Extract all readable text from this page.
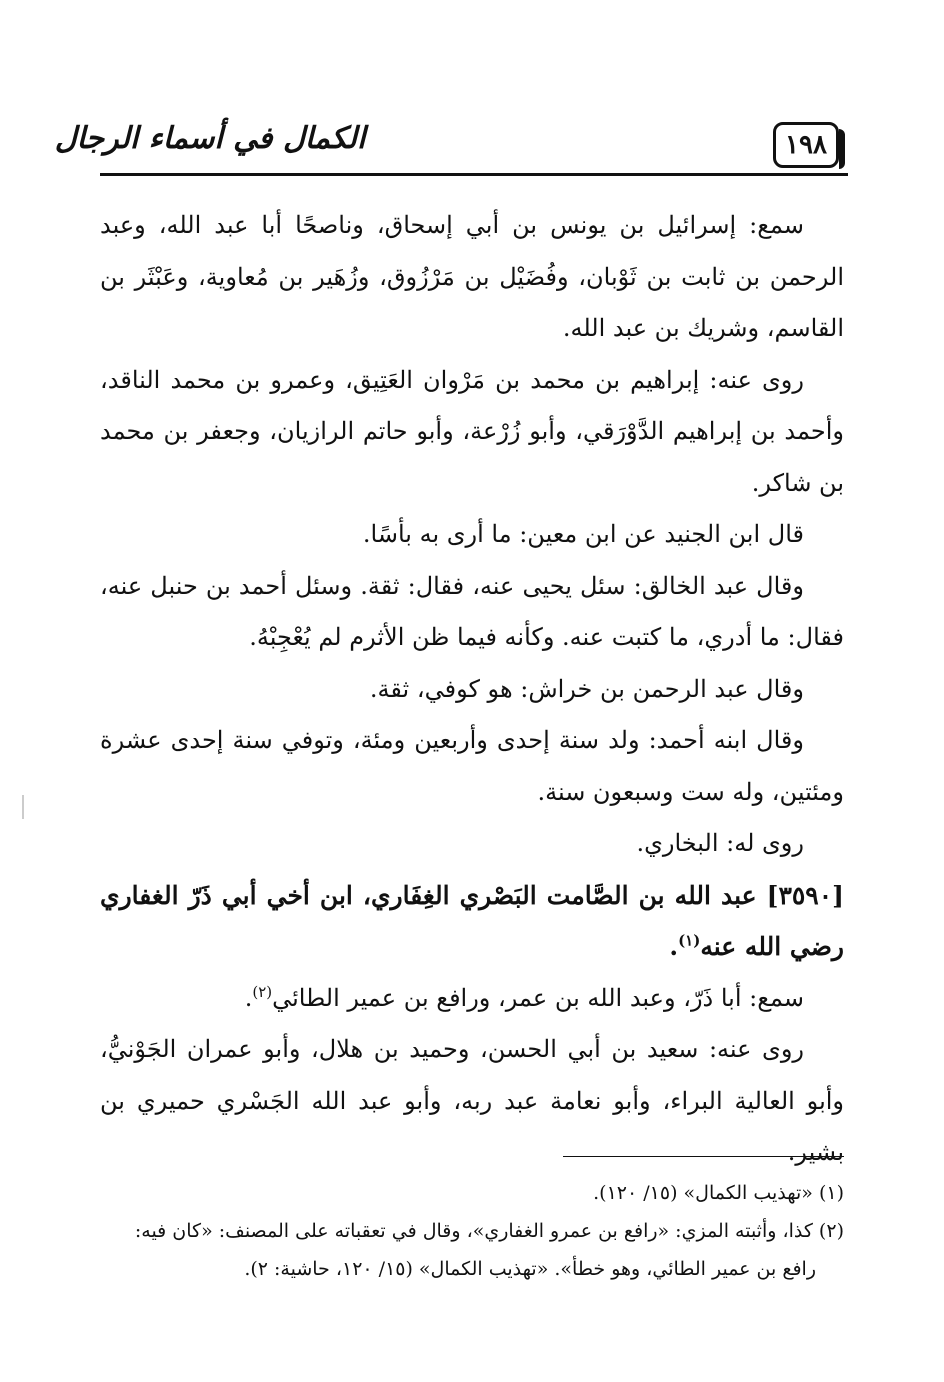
١٩٨
الكمال في أسماء الرجال

سمع: إسرائيل بن يونس بن أبي إسحاق، وناصحًا أبا عبد الله، وعبد الرحمن بن ثابت بن ثَوْبان، وفُضَيْل بن مَرْزُوق، وزُهَير بن مُعاوية، وعَبْثَر بن القاسم، وشريك بن عبد الله.

روى عنه: إبراهيم بن محمد بن مَرْوان العَتِيق، وعمرو بن محمد الناقد، وأحمد بن إبراهيم الدَّوْرَقي، وأبو زُرْعة، وأبو حاتم الرازيان، وجعفر بن محمد بن شاكر.

قال ابن الجنيد عن ابن معين: ما أرى به بأسًا.

وقال عبد الخالق: سئل يحيى عنه، فقال: ثقة. وسئل أحمد بن حنبل عنه، فقال: ما أدري، ما كتبت عنه. وكأنه فيما ظن الأثرم لم يُعْجِبْهُ.

وقال عبد الرحمن بن خراش: هو كوفي، ثقة.

وقال ابنه أحمد: ولد سنة إحدى وأربعين ومئة، وتوفي سنة إحدى عشرة ومئتين، وله ست وسبعون سنة.

روى له: البخاري.

[٣٥٩٠] عبد الله بن الصَّامت البَصْري الغِفَاري، ابن أخي أبي ذَرّ الغفاري رضي الله عنه$^{(١)}$.

سمع: أبا ذَرّ، وعبد الله بن عمر، ورافع بن عمير الطائي$^{(٢)}$.

روى عنه: سعيد بن أبي الحسن، وحميد بن هلال، وأبو عمران الجَوْنيُّ، وأبو العالية البراء، وأبو نعامة عبد ربه، وأبو عبد الله الجَسْري حميري بن بشير.

(١) «تهذيب الكمال» (١٥/ ١٢٠).

(٢) كذا، وأثبته المزي: «رافع بن عمرو الغفاري»، وقال في تعقباته على المصنف: «كان فيه:

رافع بن عمير الطائي، وهو خطأ». «تهذيب الكمال» (١٥/ ١٢٠، حاشية: ٢).
